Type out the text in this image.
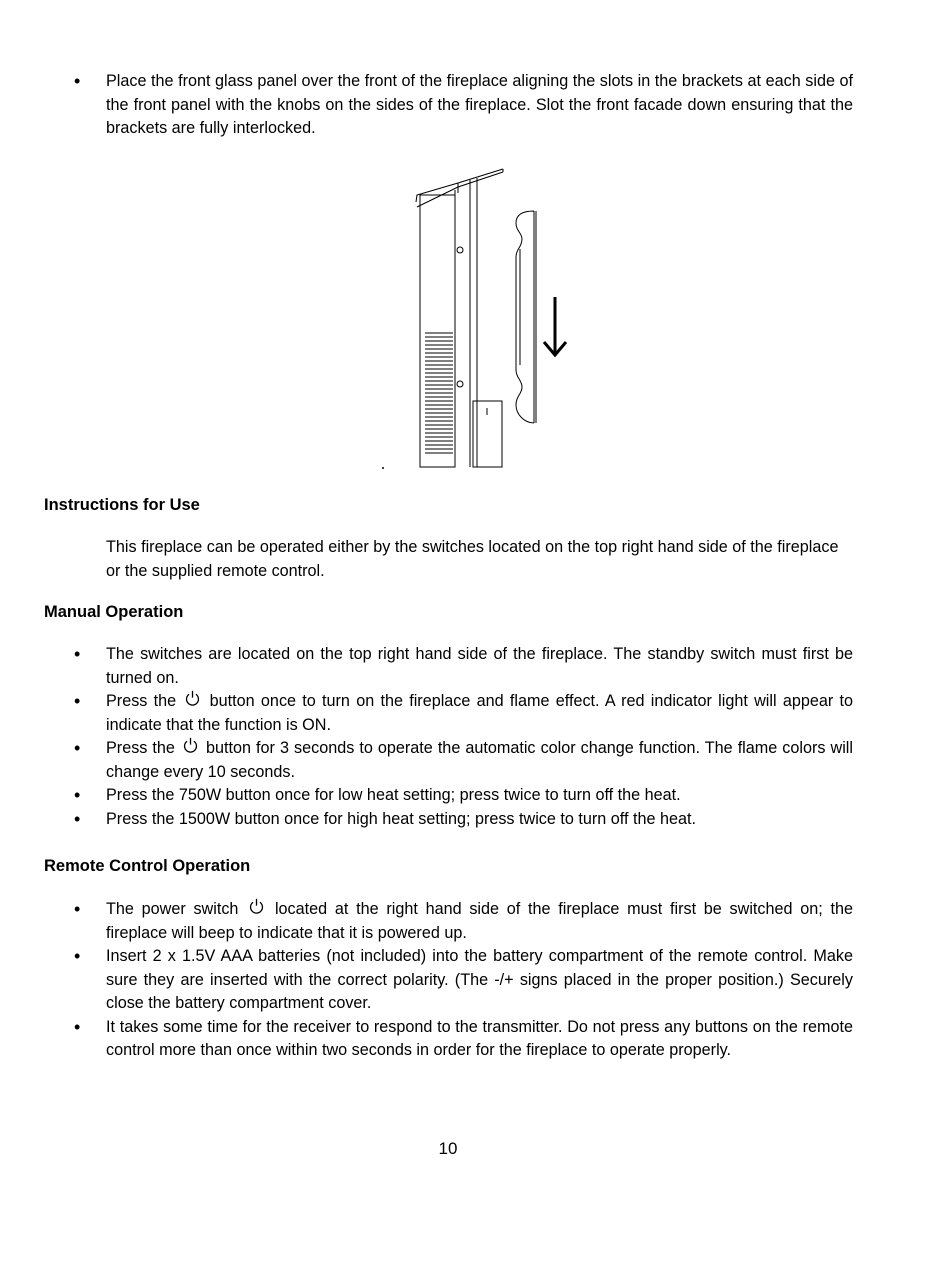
• Place the front glass panel over the front of the fireplace aligning the slots in the brackets at each side of the front panel with the knobs on the sides of the fireplace. Slot the front facade down ensuring that the brackets are fully interlocked.
Instructions for Use

This fireplace can be operated either by the switches located on the top right hand side of the fireplace or the supplied remote control.

Manual Operation
• The switches are located on the top right hand side of the fireplace. The standby switch must first be turned on.
• Press the button once to turn on the fireplace and flame effect. A red indicator light will appear to indicate that the function is ON.
• Press the button for 3 seconds to operate the automatic color change function. The flame colors will change every 10 seconds.
• Press the 750W button once for low heat setting; press twice to turn off the heat.
• Press the 1500W button once for high heat setting; press twice to turn off the heat.
Remote Control Operation
• The power switch located at the right hand side of the fireplace must first be switched on; the fireplace will beep to indicate that it is powered up.
• Insert 2 x 1.5V AAA batteries (not included) into the battery compartment of the remote control. Make sure they are inserted with the correct polarity. (The -/+ signs placed in the proper position.) Securely close the battery compartment cover.
• It takes some time for the receiver to respond to the transmitter. Do not press any buttons on the remote control more than once within two seconds in order for the fireplace to operate properly.
10
